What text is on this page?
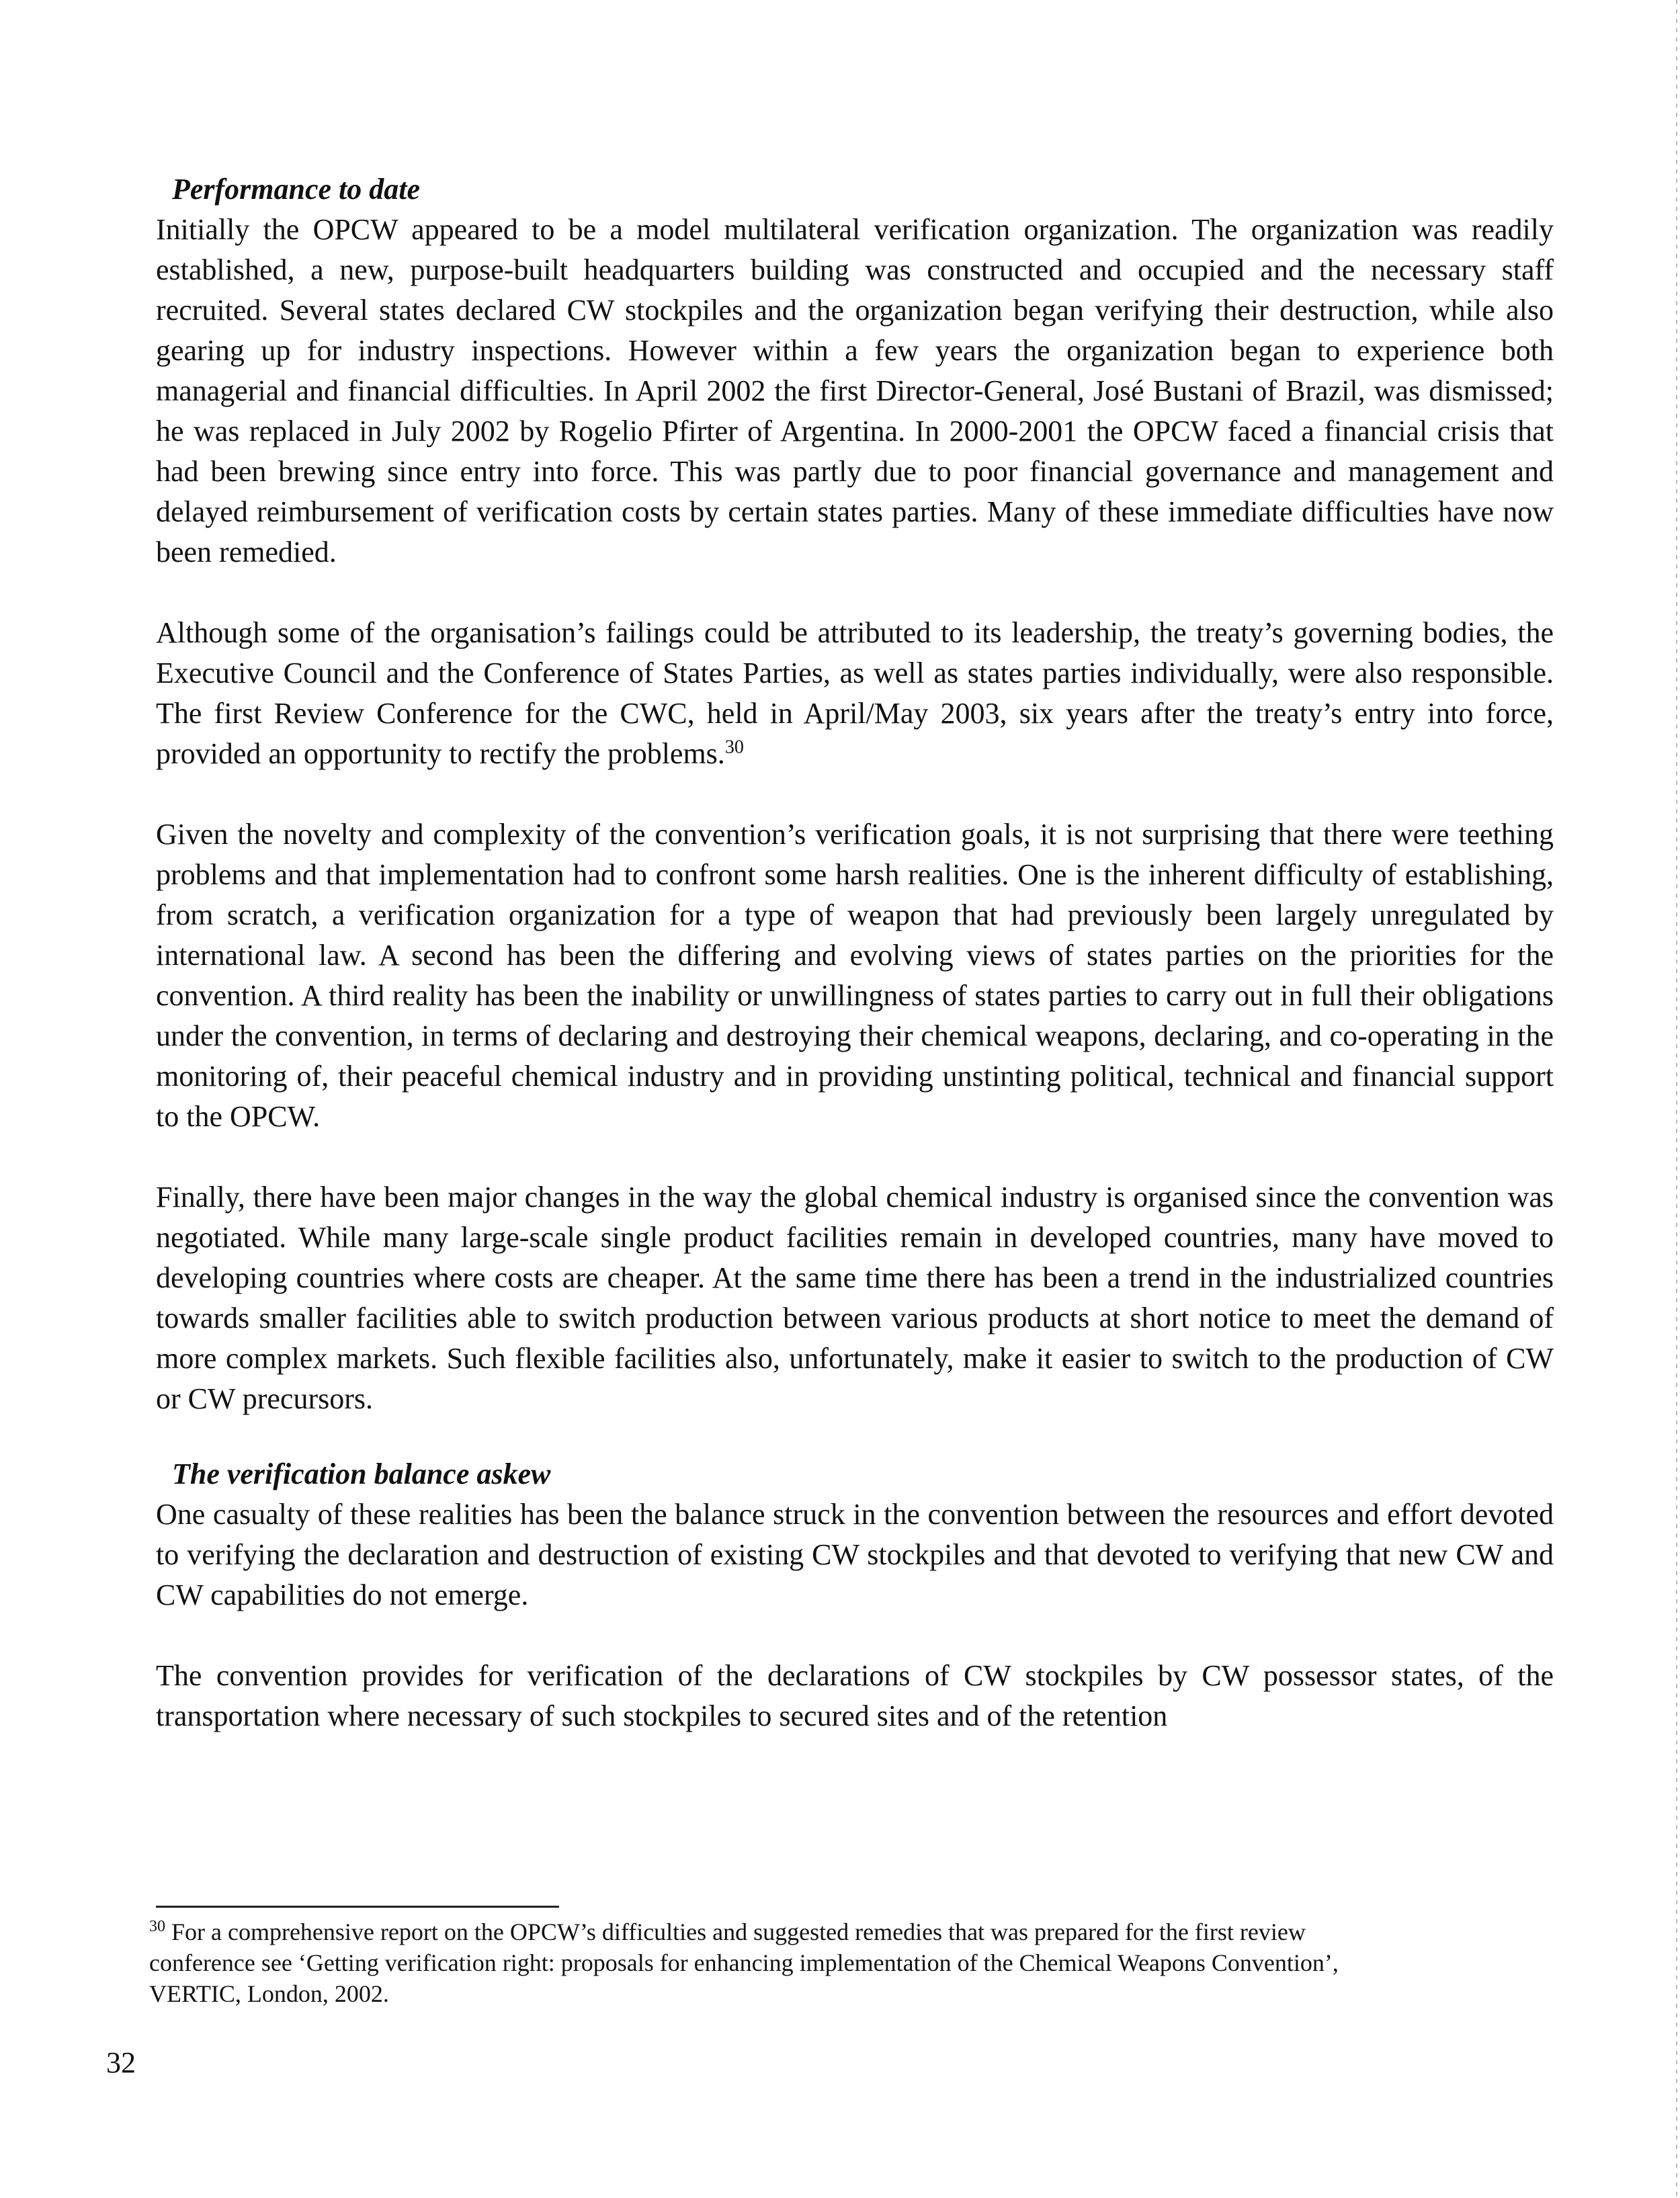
Performance to date

Initially the OPCW appeared to be a model multilateral verification organization. The organization was readily established, a new, purpose-built headquarters building was constructed and occupied and the necessary staff recruited. Several states declared CW stockpiles and the organization began verifying their destruction, while also gearing up for industry inspections. However within a few years the organization began to experience both managerial and financial difficulties. In April 2002 the first Director-General, José Bustani of Brazil, was dismissed; he was replaced in July 2002 by Rogelio Pfirter of Argentina. In 2000-2001 the OPCW faced a financial crisis that had been brewing since entry into force. This was partly due to poor financial governance and management and delayed reimbursement of verification costs by certain states parties. Many of these immediate difficulties have now been remedied.

Although some of the organisation’s failings could be attributed to its leadership, the treaty’s governing bodies, the Executive Council and the Conference of States Parties, as well as states parties individually, were also responsible. The first Review Conference for the CWC, held in April/May 2003, six years after the treaty’s entry into force, provided an opportunity to rectify the problems.$^{30}$

Given the novelty and complexity of the convention’s verification goals, it is not surprising that there were teething problems and that implementation had to confront some harsh realities. One is the inherent difficulty of establishing, from scratch, a verification organization for a type of weapon that had previously been largely unregulated by international law. A second has been the differing and evolving views of states parties on the priorities for the convention. A third reality has been the inability or unwillingness of states parties to carry out in full their obligations under the convention, in terms of declaring and destroying their chemical weapons, declaring, and co-operating in the monitoring of, their peaceful chemical industry and in providing unstinting political, technical and financial support to the OPCW.

Finally, there have been major changes in the way the global chemical industry is organised since the convention was negotiated. While many large-scale single product facilities remain in developed countries, many have moved to developing countries where costs are cheaper. At the same time there has been a trend in the industrialized countries towards smaller facilities able to switch production between various products at short notice to meet the demand of more complex markets. Such flexible facilities also, unfortunately, make it easier to switch to the production of CW or CW precursors.

The verification balance askew

One casualty of these realities has been the balance struck in the convention between the resources and effort devoted to verifying the declaration and destruction of existing CW stockpiles and that devoted to verifying that new CW and CW capabilities do not emerge.

The convention provides for verification of the declarations of CW stockpiles by CW possessor states, of the transportation where necessary of such stockpiles to secured sites and of the retention

$^{30}$ For a comprehensive report on the OPCW’s difficulties and suggested remedies that was prepared for the first review conference see ‘Getting verification right: proposals for enhancing implementation of the Chemical Weapons Convention’, VERTIC, London, 2002.
32
